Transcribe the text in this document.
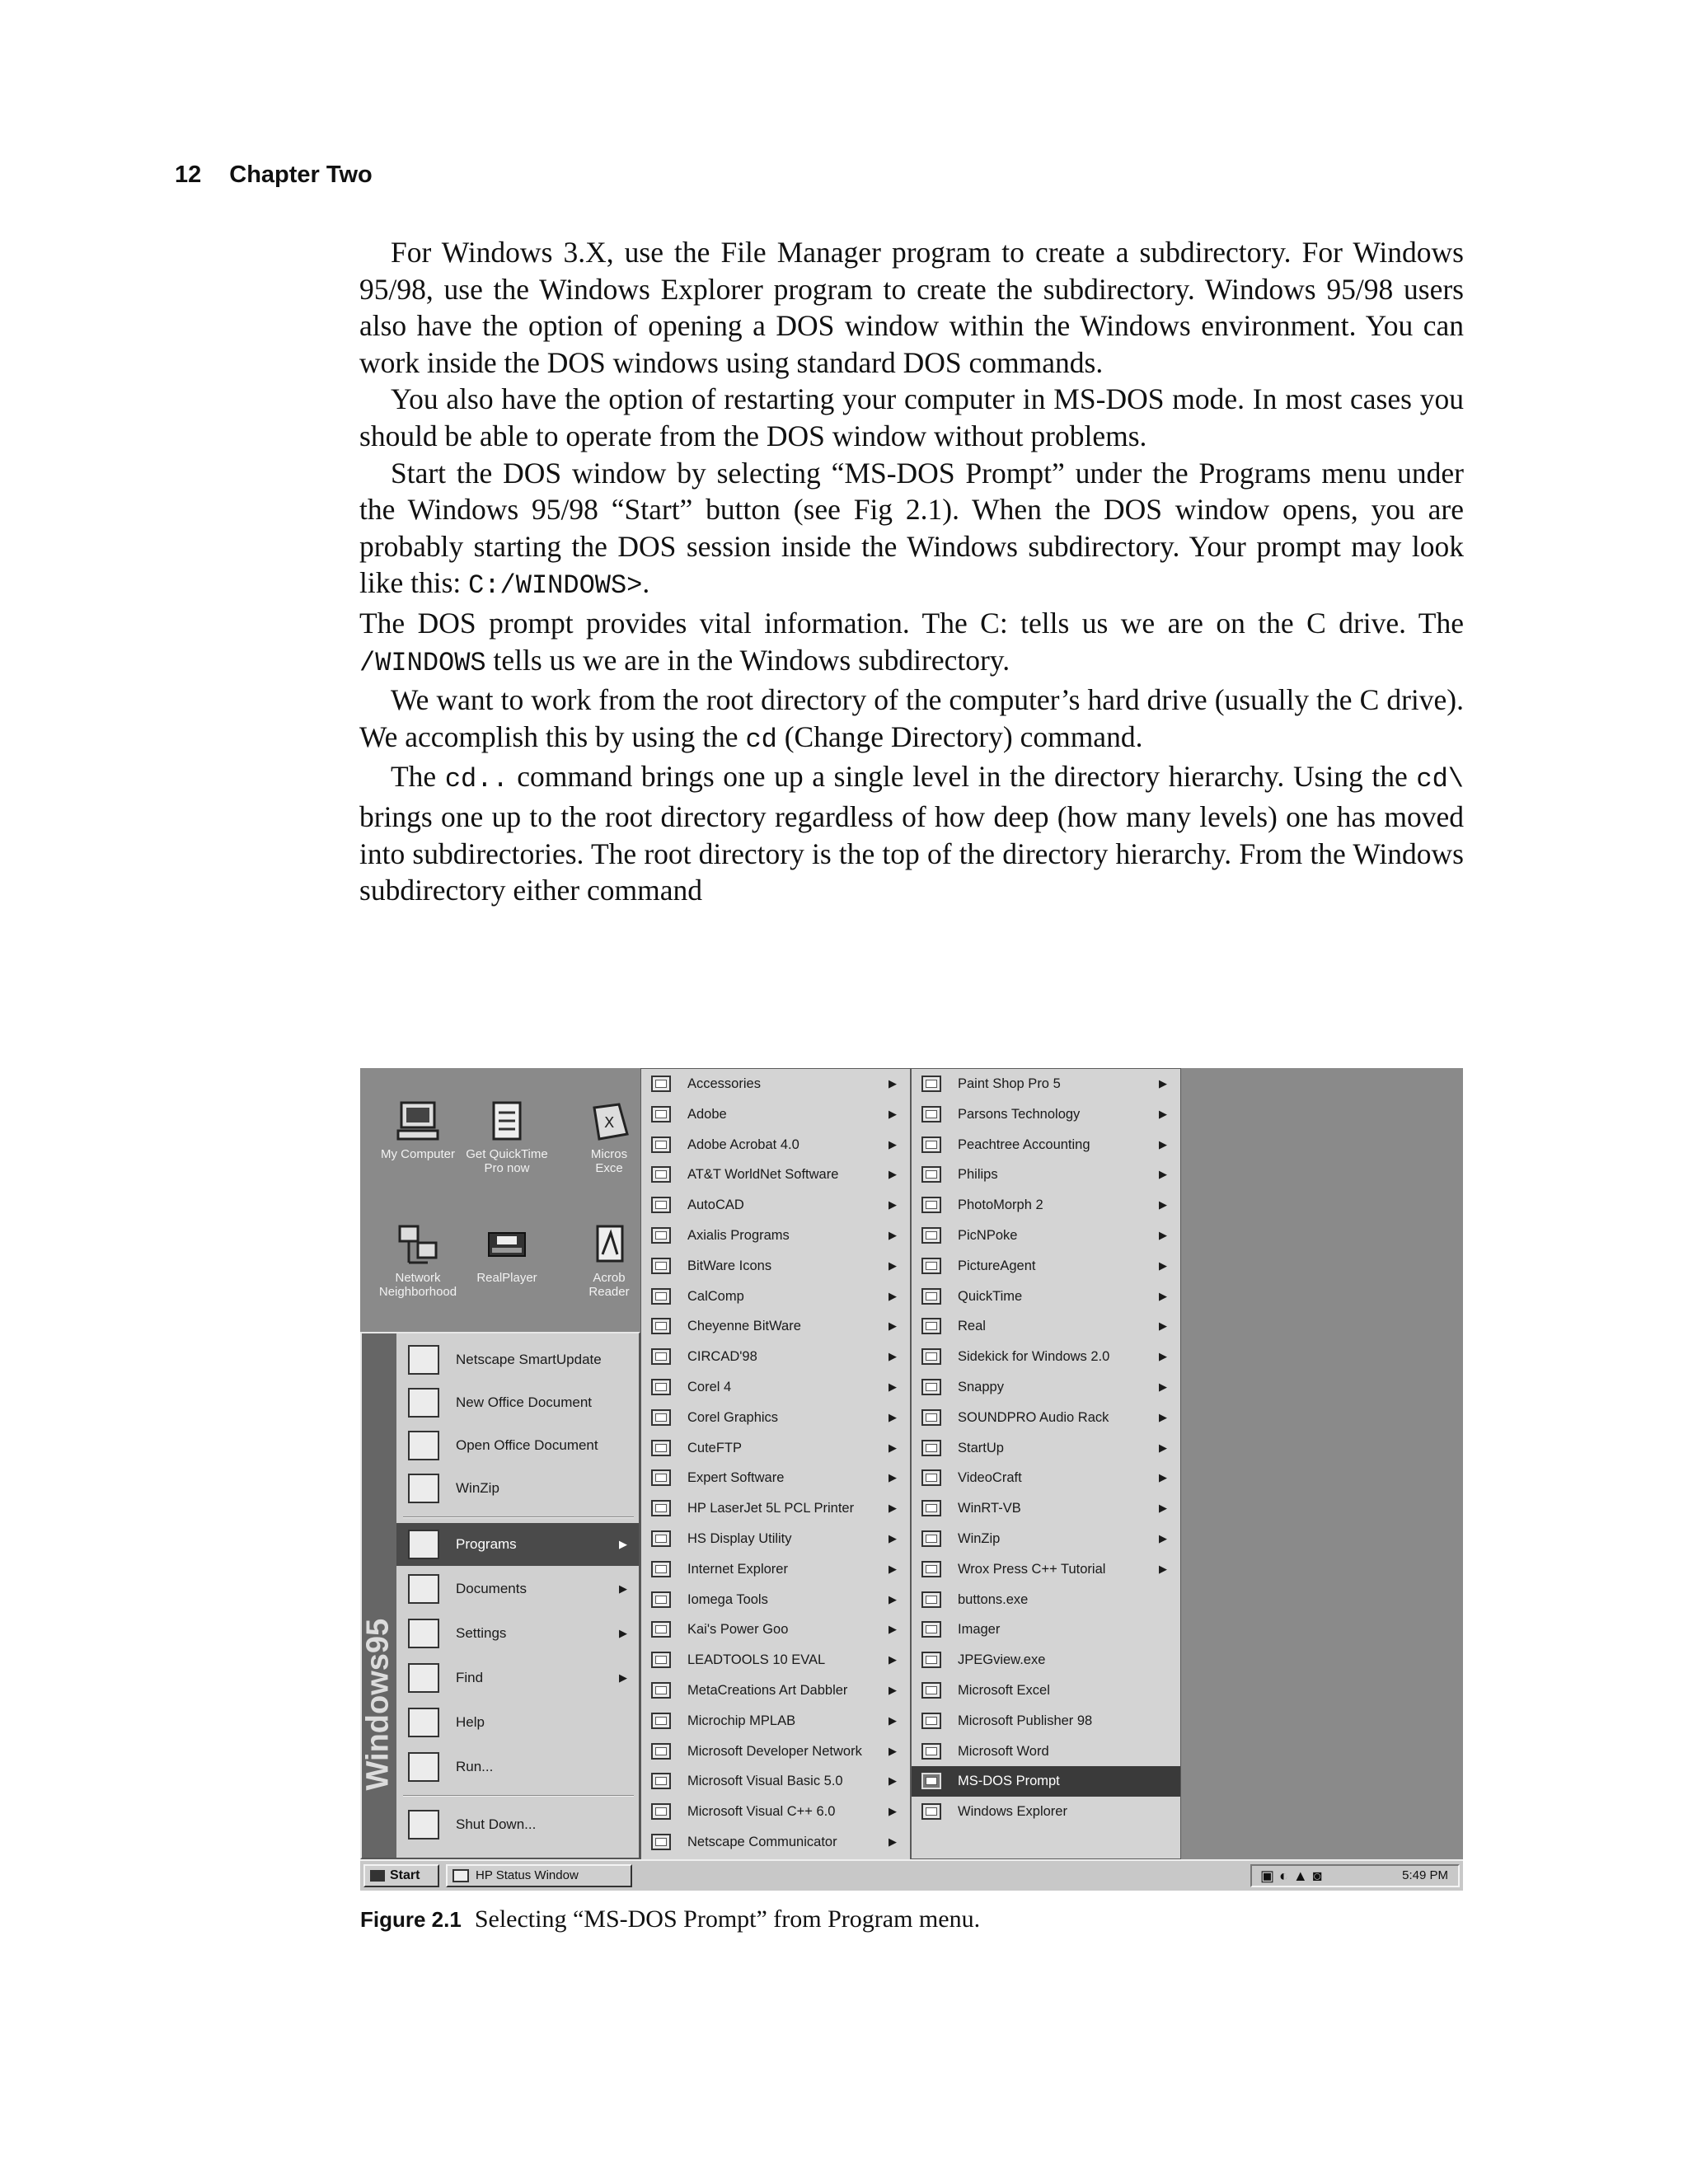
12 Chapter Two

For Windows 3.X, use the File Manager program to create a subdirectory. For Windows 95/98, use the Windows Explorer program to create the subdirectory. Windows 95/98 users also have the option of opening a DOS window within the Windows environment. You can work inside the DOS windows using standard DOS commands.

You also have the option of restarting your computer in MS-DOS mode. In most cases you should be able to operate from the DOS window without problems.

Start the DOS window by selecting “MS-DOS Prompt” under the Programs menu under the Windows 95/98 “Start” button (see Fig 2.1). When the DOS window opens, you are probably starting the DOS session inside the Windows subdirectory. Your prompt may look like this: C:/WINDOWS>.

The DOS prompt provides vital information. The C: tells us we are on the C drive. The /WINDOWS tells us we are in the Windows subdirectory.

We want to work from the root directory of the computer’s hard drive (usually the C drive). We accomplish this by using the cd (Change Directory) command.

The cd.. command brings one up a single level in the directory hierarchy. Using the cd\ brings one up to the root directory regardless of how deep (how many levels) one has moved into subdirectories. The root directory is the top of the directory hierarchy. From the Windows subdirectory either command

My Computer Get QuickTime
Pro now
X
Micros
Exce
Network
Neighborhood
RealPlayer	Acrob
Reader
Windows95
Netscape SmartUpdate
New Office Document
Open Office Document
WinZip
Programs	▶
Documents	▶
Settings	▶
Find	▶
Help
Run...
Shut Down...
Accessories	▶
Adobe	▶
Adobe Acrobat 4.0	▶
AT&T WorldNet Software	▶
AutoCAD	▶
Axialis Programs	▶
BitWare Icons	▶
CalComp	▶
Cheyenne BitWare	▶
CIRCAD'98	▶
Corel 4	▶
Corel Graphics	▶
CuteFTP	▶
Expert Software	▶
HP LaserJet 5L PCL Printer	▶
HS Display Utility	▶
Internet Explorer	▶
Iomega Tools	▶
Kai's Power Goo	▶
LEADTOOLS 10 EVAL	▶
MetaCreations Art Dabbler	▶
Microchip MPLAB	▶
Microsoft Developer Network ▶
Microsoft Visual Basic 5.0	▶
Microsoft Visual C++ 6.0	▶
Netscape Communicator	▶
Paint Shop Pro 5	▶
Parsons Technology	▶
Peachtree Accounting	▶
Philips	▶
PhotoMorph 2	▶
PicNPoke	▶
PictureAgent	▶
QuickTime	▶
Real	▶
Sidekick for Windows 2.0	▶
Snappy	▶
SOUNDPRO Audio Rack	▶
StartUp	▶
VideoCraft	▶
WinRT-VB	▶
WinZip	▶
Wrox Press C++ Tutorial	▶
buttons.exe
Imager
JPEGview.exe
Microsoft Excel
Microsoft Publisher 98
Microsoft Word
MS-DOS Prompt
Windows Explorer
Start	HP Status Window	▣◐▲◙	5:49 PM
Figure 2.1 Selecting “MS-DOS Prompt” from Program menu.
